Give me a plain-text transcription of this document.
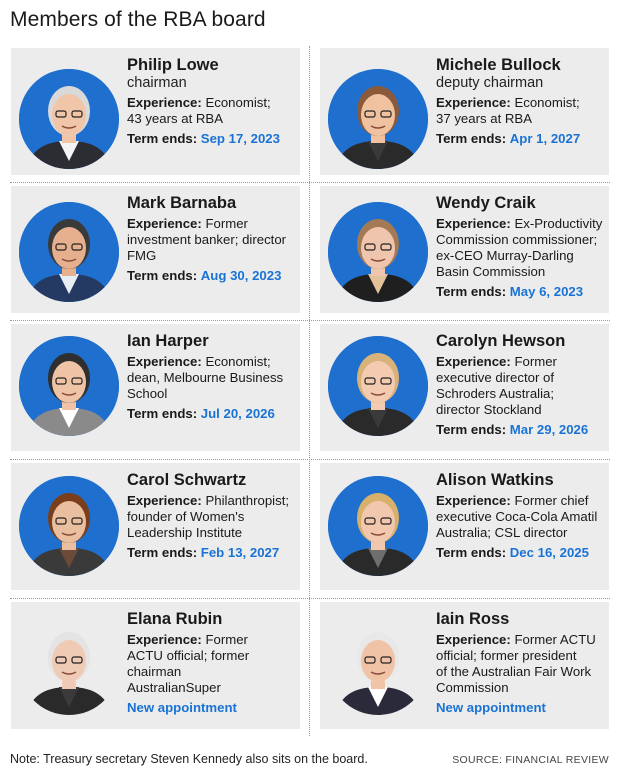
Members of the RBA board
Philip Lowe
chairman
Experience: Economist;
43 years at RBA
Term ends: Sep 17, 2023
Michele Bullock
deputy chairman
Experience: Economist;
37 years at RBA
Term ends: Apr 1, 2027
Mark Barnaba
Experience: Former
investment banker; director
FMG
Term ends: Aug 30, 2023
Wendy Craik
Experience: Ex-Productivity
Commission commissioner;
ex-CEO Murray-Darling
Basin Commission
Term ends: May 6, 2023
Ian Harper
Experience: Economist;
dean, Melbourne Business
School
Term ends: Jul 20, 2026
Carolyn Hewson
Experience: Former
executive director of
Schroders Australia;
director Stockland
Term ends: Mar 29, 2026
Carol Schwartz
Experience: Philanthropist;
founder of Women's
Leadership Institute
Term ends: Feb 13, 2027
Alison Watkins
Experience: Former chief
executive Coca-Cola Amatil
Australia; CSL director
Term ends: Dec 16, 2025
Elana Rubin
Experience: Former
ACTU official; former
chairman
AustralianSuper
New appointment
Iain Ross
Experience: Former ACTU
official; former president
of the Australian Fair Work
Commission
New appointment
Note: Treasury secretary Steven Kennedy also sits on the board.	SOURCE: FINANCIAL REVIEW
